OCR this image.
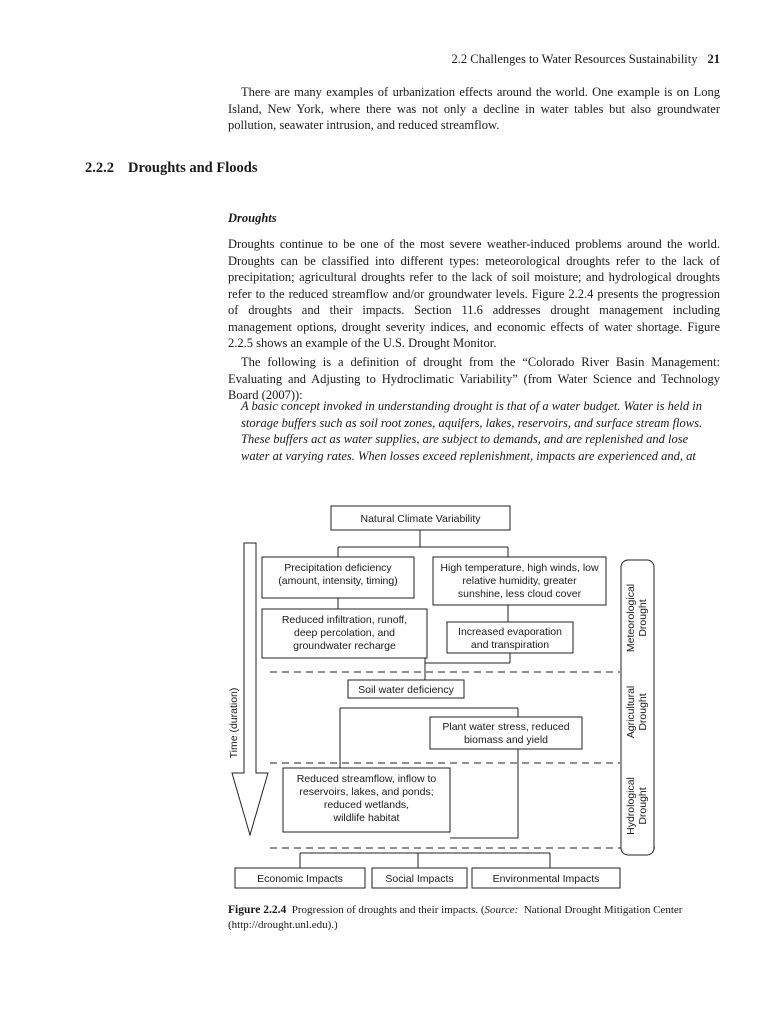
2.2 Challenges to Water Resources Sustainability 21

There are many examples of urbanization effects around the world. One example is on Long Island, New York, where there was not only a decline in water tables but also groundwater pollution, seawater intrusion, and reduced streamflow.

2.2.2 Droughts and Floods
Droughts

Droughts continue to be one of the most severe weather-induced problems around the world. Droughts can be classified into different types: meteorological droughts refer to the lack of precipitation; agricultural droughts refer to the lack of soil moisture; and hydrological droughts refer to the reduced streamflow and/or groundwater levels. Figure 2.2.4 presents the progression of droughts and their impacts. Section 11.6 addresses drought management including management options, drought severity indices, and economic effects of water shortage. Figure 2.2.5 shows an example of the U.S. Drought Monitor.

The following is a definition of drought from the “Colorado River Basin Management: Evaluating and Adjusting to Hydroclimatic Variability” (from Water Science and Technology Board (2007)):

A basic concept invoked in understanding drought is that of a water budget. Water is held in storage buffers such as soil root zones, aquifers, lakes, reservoirs, and surface stream flows. These buffers act as water supplies, are subject to demands, and are replenished and lose water at varying rates. When losses exceed replenishment, impacts are experienced and, at

Natural Climate Variability
Precipitation deficiency
(amount, intensity, timing)
High temperature, high winds, low
relative humidity, greater
sunshine, less cloud cover
Reduced infiltration, runoff,
deep percolation, and
groundwater recharge
Increased evaporation
and transpiration
Soil water deficiency
Plant water stress, reduced
biomass and yield
Reduced streamflow, inflow to
reservoirs, lakes, and ponds;
reduced wetlands,
wildlife habitat
Economic Impacts	Social Impacts	Environmental Impacts
Time (duration)
Meteorological Drought
Agricultural Drought
Hydrological Drought

Figure 2.2.4 Progression of droughts and their impacts. (Source: National Drought Mitigation Center (http://drought.unl.edu).)
